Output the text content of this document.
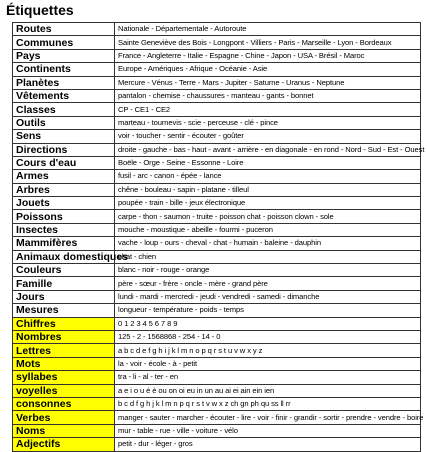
Étiquettes
Routes	Nationale - Départementale - Autoroute
Communes	Sainte Geneviève des Bois - Longpont - Villiers - Paris - Marseille - Lyon - Bordeaux
Pays	France - Angleterre - Italie - Espagne - Chine - Japon - USA - Brésil - Maroc
Continents	Europe - Amériques - Afrique - Océanie - Asie
Planètes	Mercure - Vénus - Terre - Mars - Jupiter - Saturne - Uranus - Neptune
Vêtements	pantalon - chemise - chaussures - manteau - gants - bonnet
Classes	CP - CE1 - CE2
Outils	marteau - tournevis - scie - perceuse - clé - pince
Sens	voir - toucher - sentir - écouter - goûter
Directions	droite - gauche - bas - haut - avant - arrière - en diagonale - en rond - Nord - Sud - Est - Ouest
Cours d'eau	Boële - Orge - Seine - Essonne - Loire
Armes	fusil - arc - canon - épée - lance
Arbres	chêne - bouleau - sapin - platane - tilleul
Jouets	poupée - train - bille - jeux électronique
Poissons	carpe - thon - saumon - truite - poisson chat - poisson clown - sole
Insectes	mouche - moustique - abeille - fourmi - puceron
Mammifères	vache - loup - ours - cheval - chat - humain - baleine - dauphin
Animaux domestiques	chat - chien
Couleurs	blanc - noir - rouge - orange
Famille	père - sœur - frère - oncle - mère - grand père
Jours	lundi - mardi - mercredi - jeudi - vendredi - samedi - dimanche
Mesures	longueur - température - poids - temps
Chiffres	0 1 2 3 4 5 6 7 8 9
Nombres	125 - 2 - 1568868 - 254 - 14 - 0
Lettres	a b c d e f g h i j k l m n o p q r s t u v w x y z
Mots	la - voir - école - à - petit
syllabes	tra - li - al - ter - en
voyelles	a e i o u é è ou on oi eu in un au ai ei ain ein ien
consonnes	b c d f g h j k l m n p q r s t v w x z ch gn ph qu ss ll rr
Verbes	manger - sauter - marcher - écouter - lire - voir - finir - grandir - sortir - prendre - vendre - boire
Noms	mur - table - rue - ville - voiture - vélo
Adjectifs	petit - dur - léger - gros
